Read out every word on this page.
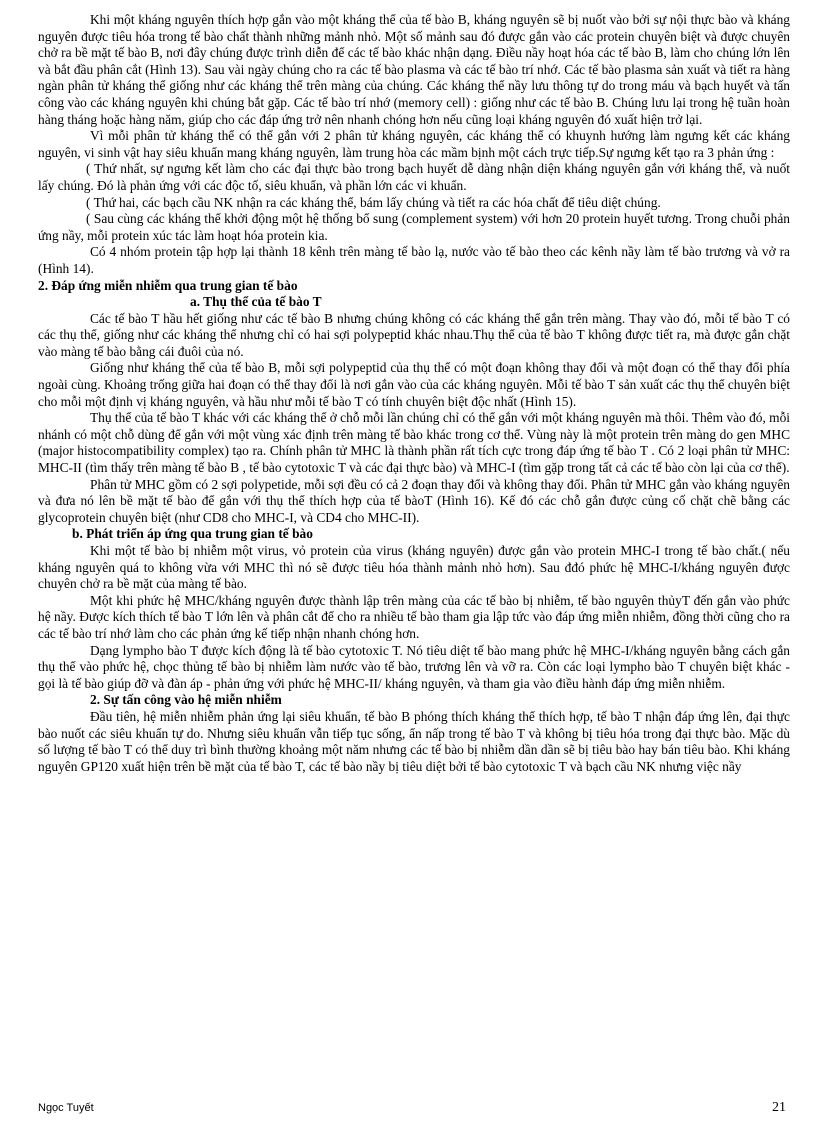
Khi một kháng nguyên thích hợp gắn vào một kháng thể của tế bào B, kháng nguyên sẽ bị nuốt vào bởi sự nội thực bào và kháng nguyên được tiêu hóa trong tế bào chất thành những mảnh nhỏ. Một số mảnh sau đó được gắn vào các protein chuyên biệt và được chuyên chở ra bề mặt tế bào B, nơi đây chúng được trình diễn để các tế bào khác nhận dạng. Điều nầy hoạt hóa các tế bào B, làm cho chúng lớn lên và bắt đầu phân cắt (Hình 13). Sau vài ngày chúng cho ra các tế bào plasma và các tế bào trí nhớ. Các tế bào plasma sản xuất và tiết ra hàng ngàn phân tử kháng thể giống như các kháng thể trên màng của chúng. Các kháng thể nầy lưu thông tự do trong máu và bạch huyết và tấn công vào các kháng nguyên khi chúng bắt gặp. Các tế bào trí nhớ (memory cell) : giống như các tế bào B. Chúng lưu lại trong hệ tuần hoàn hàng tháng hoặc hàng năm, giúp cho các đáp ứng trở nên nhanh chóng hơn nếu cũng loại kháng nguyên đó xuất hiện trở lại.

Vì mỗi phân tử kháng thể có thể gắn với 2 phân tử kháng nguyên, các kháng thể có khuynh hướng làm ngưng kết các kháng nguyên, vi sinh vật hay siêu khuẩn mang kháng nguyên, làm trung hòa các mầm bịnh một cách trực tiếp.Sự ngưng kết tạo ra 3 phản ứng :

( Thứ nhất, sự ngưng kết làm cho các đại thực bào trong bạch huyết dễ dàng nhận diện kháng nguyên gắn với kháng thể, và nuốt lấy chúng. Đó là phản ứng với các độc tố, siêu khuẩn, và phần lớn các vi khuẩn.

( Thứ hai, các bạch cầu NK nhận ra các kháng thể, bám lấy chúng và tiết ra các hóa chất để tiêu diệt chúng.

( Sau cùng các kháng thể khởi động một hệ thống bổ sung (complement system) với hơn 20 protein huyết tương. Trong chuỗi phản ứng nầy, mỗi protein xúc tác làm hoạt hóa protein kia.

Có 4 nhóm protein tập hợp lại thành 18 kênh trên màng tế bào lạ, nước vào tế bào theo các kênh nầy làm tế bào trương và vở ra (Hình 14).

2. Đáp ứng miễn nhiễm qua trung gian tế bào
a. Thụ thể của tế bào T

Các tế bào T hầu hết giống như các tế bào B nhưng chúng không có các kháng thể gắn trên màng. Thay vào đó, mỗi tế bào T có các thụ thể, giống như các kháng thể nhưng chỉ có hai sợi polypeptid khác nhau.Thụ thể của tế bào T không được tiết ra, mà được gắn chặt vào màng tế bào bằng cái đuôi của nó.

Giống như kháng thể của tế bào B, mỗi sợi polypeptid của thụ thể có một đoạn không thay đổi và một đoạn có thể thay đổi phía ngoài cùng. Khoảng trống giữa hai đoạn có thể thay đổi là nơi gắn vào của các kháng nguyên. Mỗi tế bào T sản xuất các thụ thể chuyên biệt cho mỗi một định vị kháng nguyên, và hầu như mỗi tế bào T có tính chuyên biệt độc nhất (Hình 15).

Thụ thể của tế bào T khác với các kháng thể ở chỗ mỗi lần chúng chỉ có thể gắn với một kháng nguyên mà thôi. Thêm vào đó, mỗi nhánh có một chỗ dùng để gắn với một vùng xác định trên màng tế bào khác trong cơ thể. Vùng này là một protein trên màng do gen MHC (major histocompatibility complex) tạo ra. Chính phân tử MHC là thành phần rất tích cực trong đáp ứng tế bào T . Có 2 loại phân tử MHC: MHC-II (tìm thấy trên màng tế bào B , tế bào cytotoxic T và các đại thực bào) và MHC-I (tìm gặp trong tất cả các tế bào còn lại của cơ thể).

Phân tử MHC gồm có 2 sợi polypetide, mỗi sợi đều có cả 2 đoạn thay đổi và không thay đổi. Phân tử MHC gắn vào kháng nguyên và đưa nó lên bề mặt tế bào để gắn với thụ thể thích hợp của tế bàoT (Hình 16). Kế đó các chỗ gắn được củng cố chặt chẽ bằng các glycoprotein chuyên biệt (như CD8 cho MHC-I, và CD4 cho MHC-II).

b. Phát triển áp ứng qua trung gian tế bào

Khi một tế bào bị nhiễm một virus, vỏ protein của virus (kháng nguyên) được gắn vào protein MHC-I trong tế bào chất.( nếu kháng nguyên quá to không vừa với MHC thì nó sẽ được tiêu hóa thành mảnh nhỏ hơn). Sau đđó phức hệ MHC-I/kháng nguyên được chuyên chở ra bề mặt của màng tế bào.

Một khi phức hệ MHC/kháng nguyên được thành lập trên màng của các tế bào bị nhiễm, tế bào nguyên thủyT đến gắn vào phức hệ nầy. Được kích thích tế bào T lớn lên và phân cắt để cho ra nhiều tế bào tham gia lập tức vào đáp ứng miễn nhiễm, đồng thời cũng cho ra các tế bào trí nhớ làm cho các phản ứng kế tiếp nhận nhanh chóng hơn.

Dạng lympho bào T được kích động là tế bào cytotoxic T. Nó tiêu diệt tế bào mang phức hệ MHC-I/kháng nguyên bằng cách gắn thụ thể vào phức hệ, chọc thủng tế bào bị nhiễm làm nước vào tế bào, trương lên và vỡ ra. Còn các loại lympho bào T chuyên biệt khác - gọi là tế bào giúp đỡ và đàn áp - phản ứng với phức hệ MHC-II/ kháng nguyên, và tham gia vào điều hành đáp ứng miễn nhiễm.

2. Sự tấn công vào hệ miễn nhiễm

Đầu tiên, hệ miễn nhiễm phản ứng lại siêu khuẩn, tế bào B phóng thích kháng thể thích hợp, tế bào T nhận đáp ứng lên, đại thực bào nuốt các siêu khuẩn tự do. Nhưng siêu khuẩn vẫn tiếp tục sống, ẩn nấp trong tế bào T và không bị tiêu hóa trong đại thực bào. Mặc dù số lượng tế bào T có thể duy trì bình thường khoảng một năm nhưng các tế bào bị nhiễm dần dần sẽ bị tiêu bào hay bán tiêu bào. Khi kháng nguyên GP120 xuất hiện trên bề mặt của tế bào T, các tế bào nầy bị tiêu diệt bởi tế bào cytotoxic T và bạch cầu NK nhưng việc nầy

Ngọc Tuyết	21
